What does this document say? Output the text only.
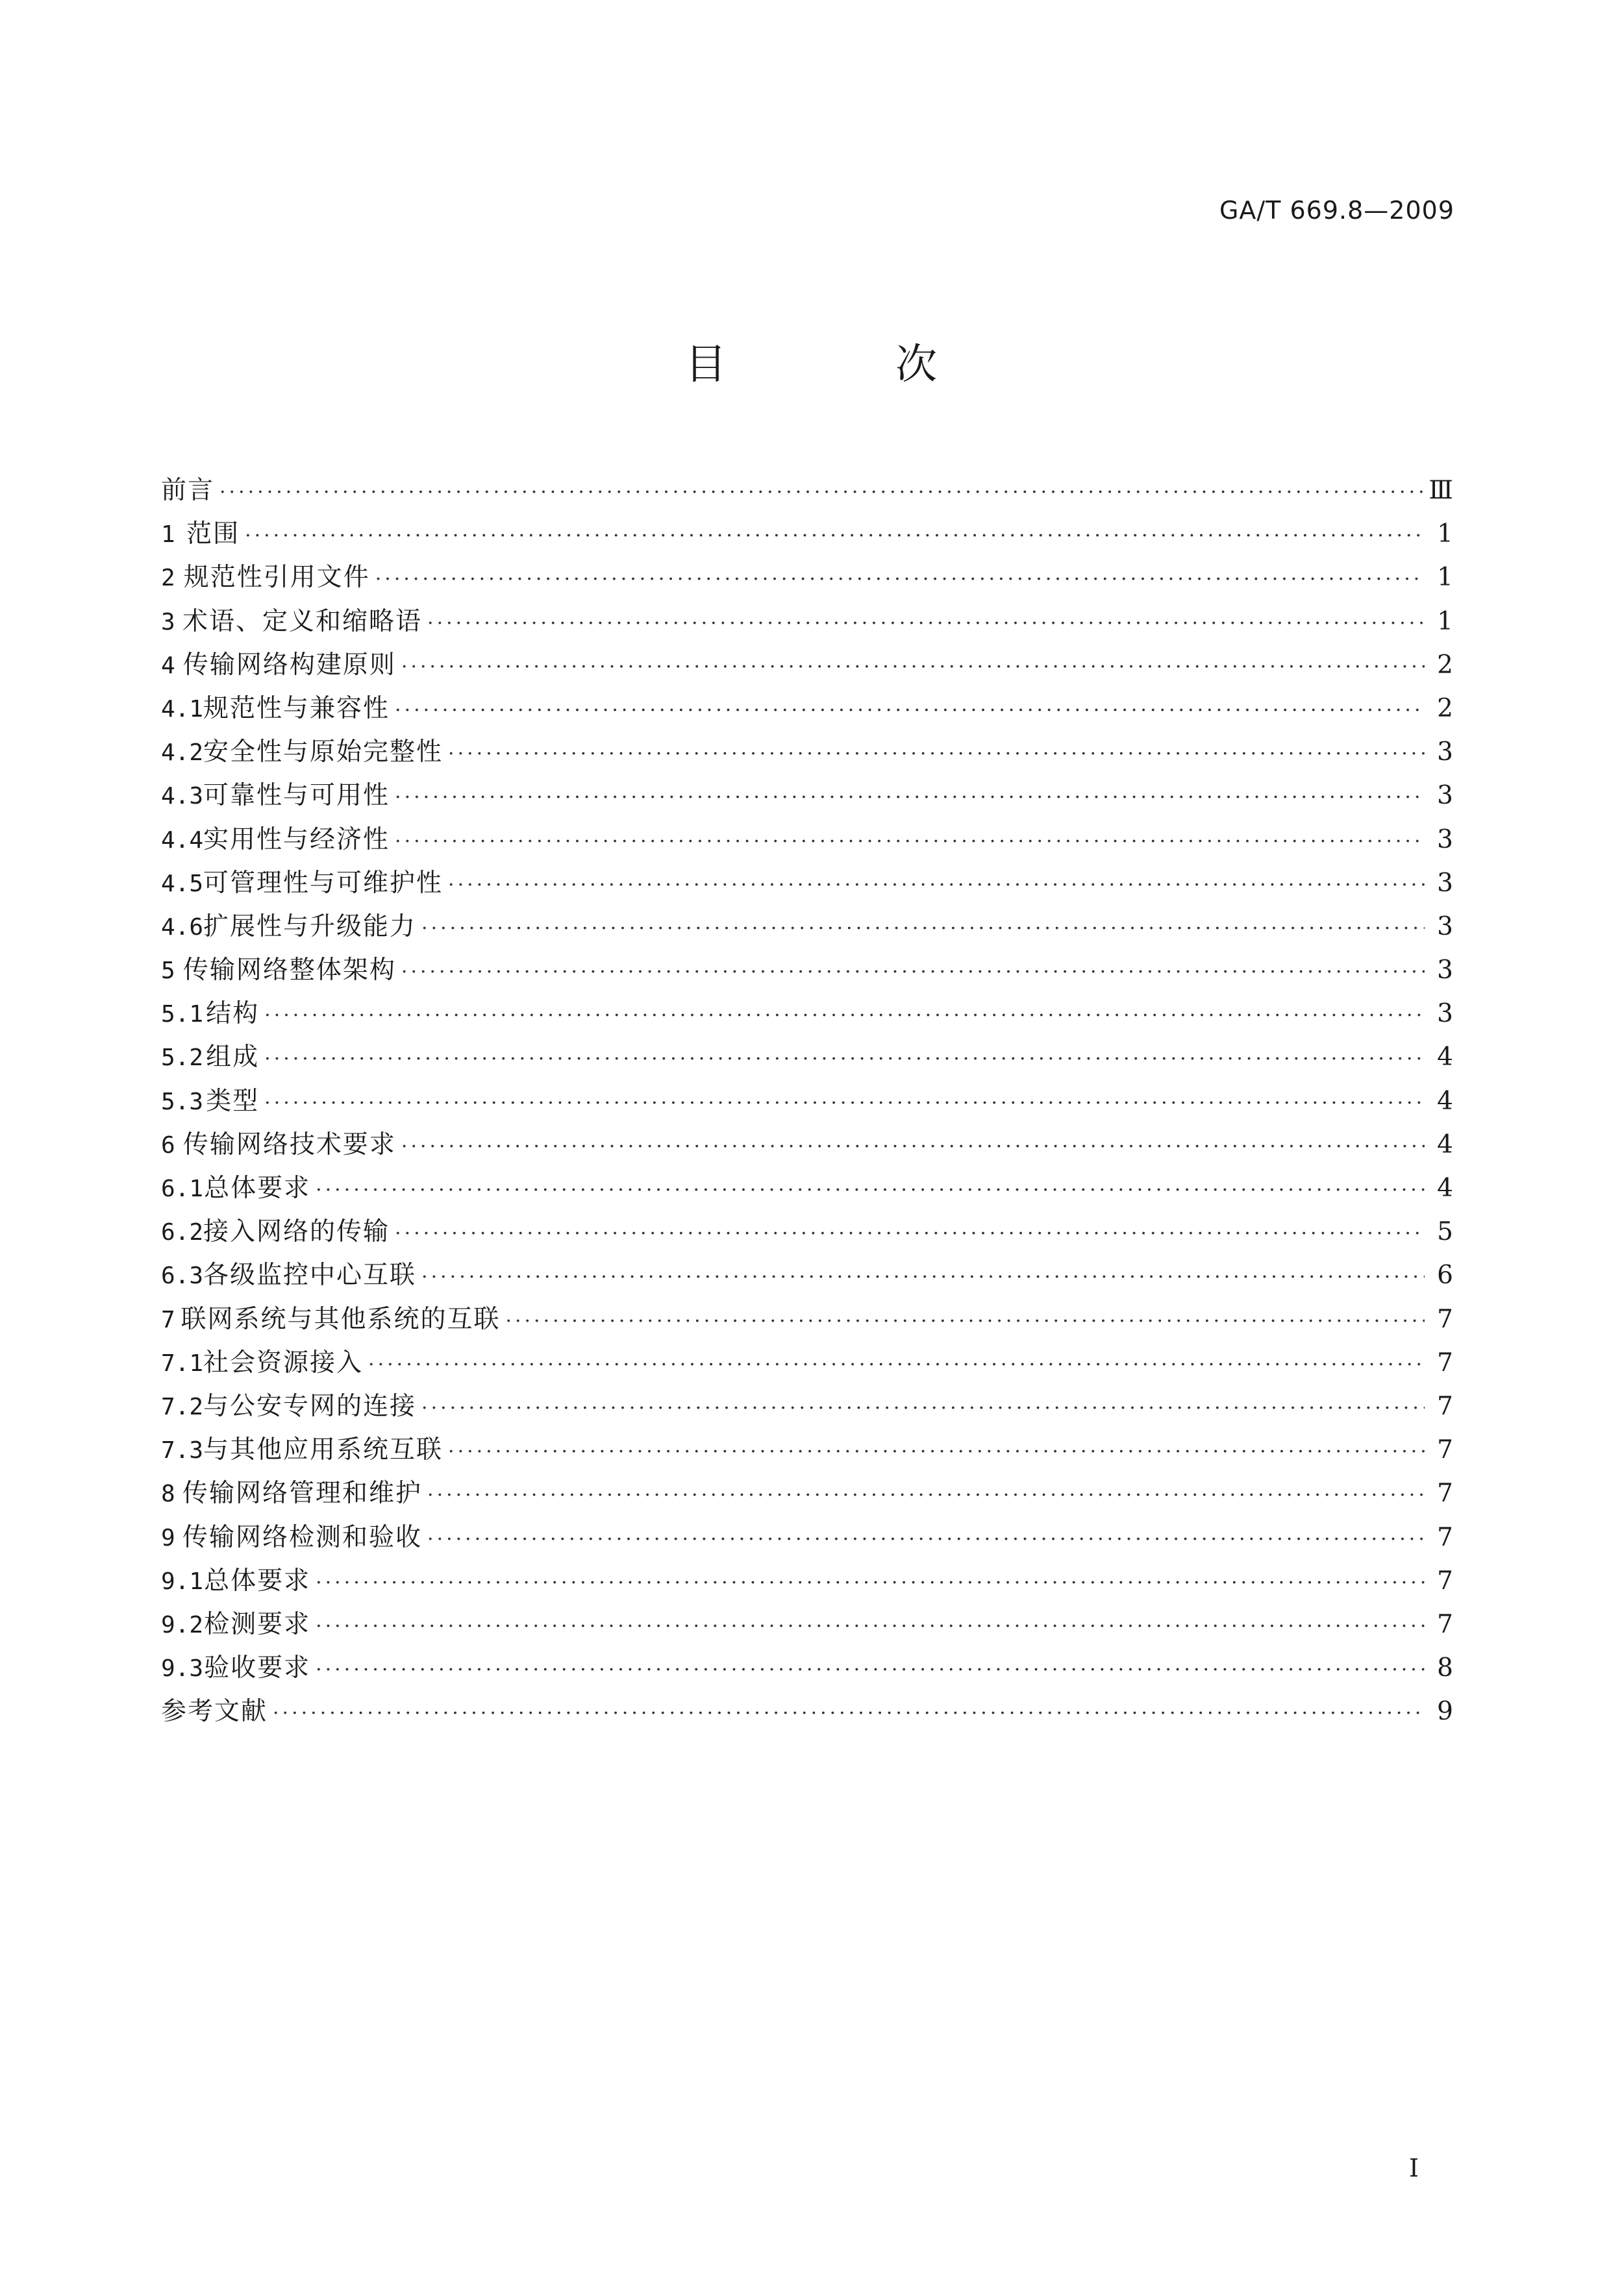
GA/T 669.8—2009
目 次
前言 ·····	Ⅲ
1 范围 ·····	1
2 规范性引用文件 ·····	1
3 术语、定义和缩略语 ·····	1
4 传输网络构建原则 ·····	2
4.1 规范性与兼容性 ·····	2
4.2 安全性与原始完整性 ·····	3
4.3 可靠性与可用性 ·····	3
4.4 实用性与经济性 ·····	3
4.5 可管理性与可维护性 ·····	3
4.6 扩展性与升级能力 ·····	3
5 传输网络整体架构 ·····	3
5.1 结构 ·····	3
5.2 组成 ·····	4
5.3 类型 ·····	4
6 传输网络技术要求 ·····	4
6.1 总体要求 ·····	4
6.2 接入网络的传输 ·····	5
6.3 各级监控中心互联 ·····	6
7 联网系统与其他系统的互联 ·····	7
7.1 社会资源接入 ·····	7
7.2 与公安专网的连接 ·····	7
7.3 与其他应用系统互联 ·····	7
8 传输网络管理和维护 ·····	7
9 传输网络检测和验收 ·····	7
9.1 总体要求 ·····	7
9.2 检测要求 ·····	7
9.3 验收要求 ·····	8
参考文献 ·····	9
I
